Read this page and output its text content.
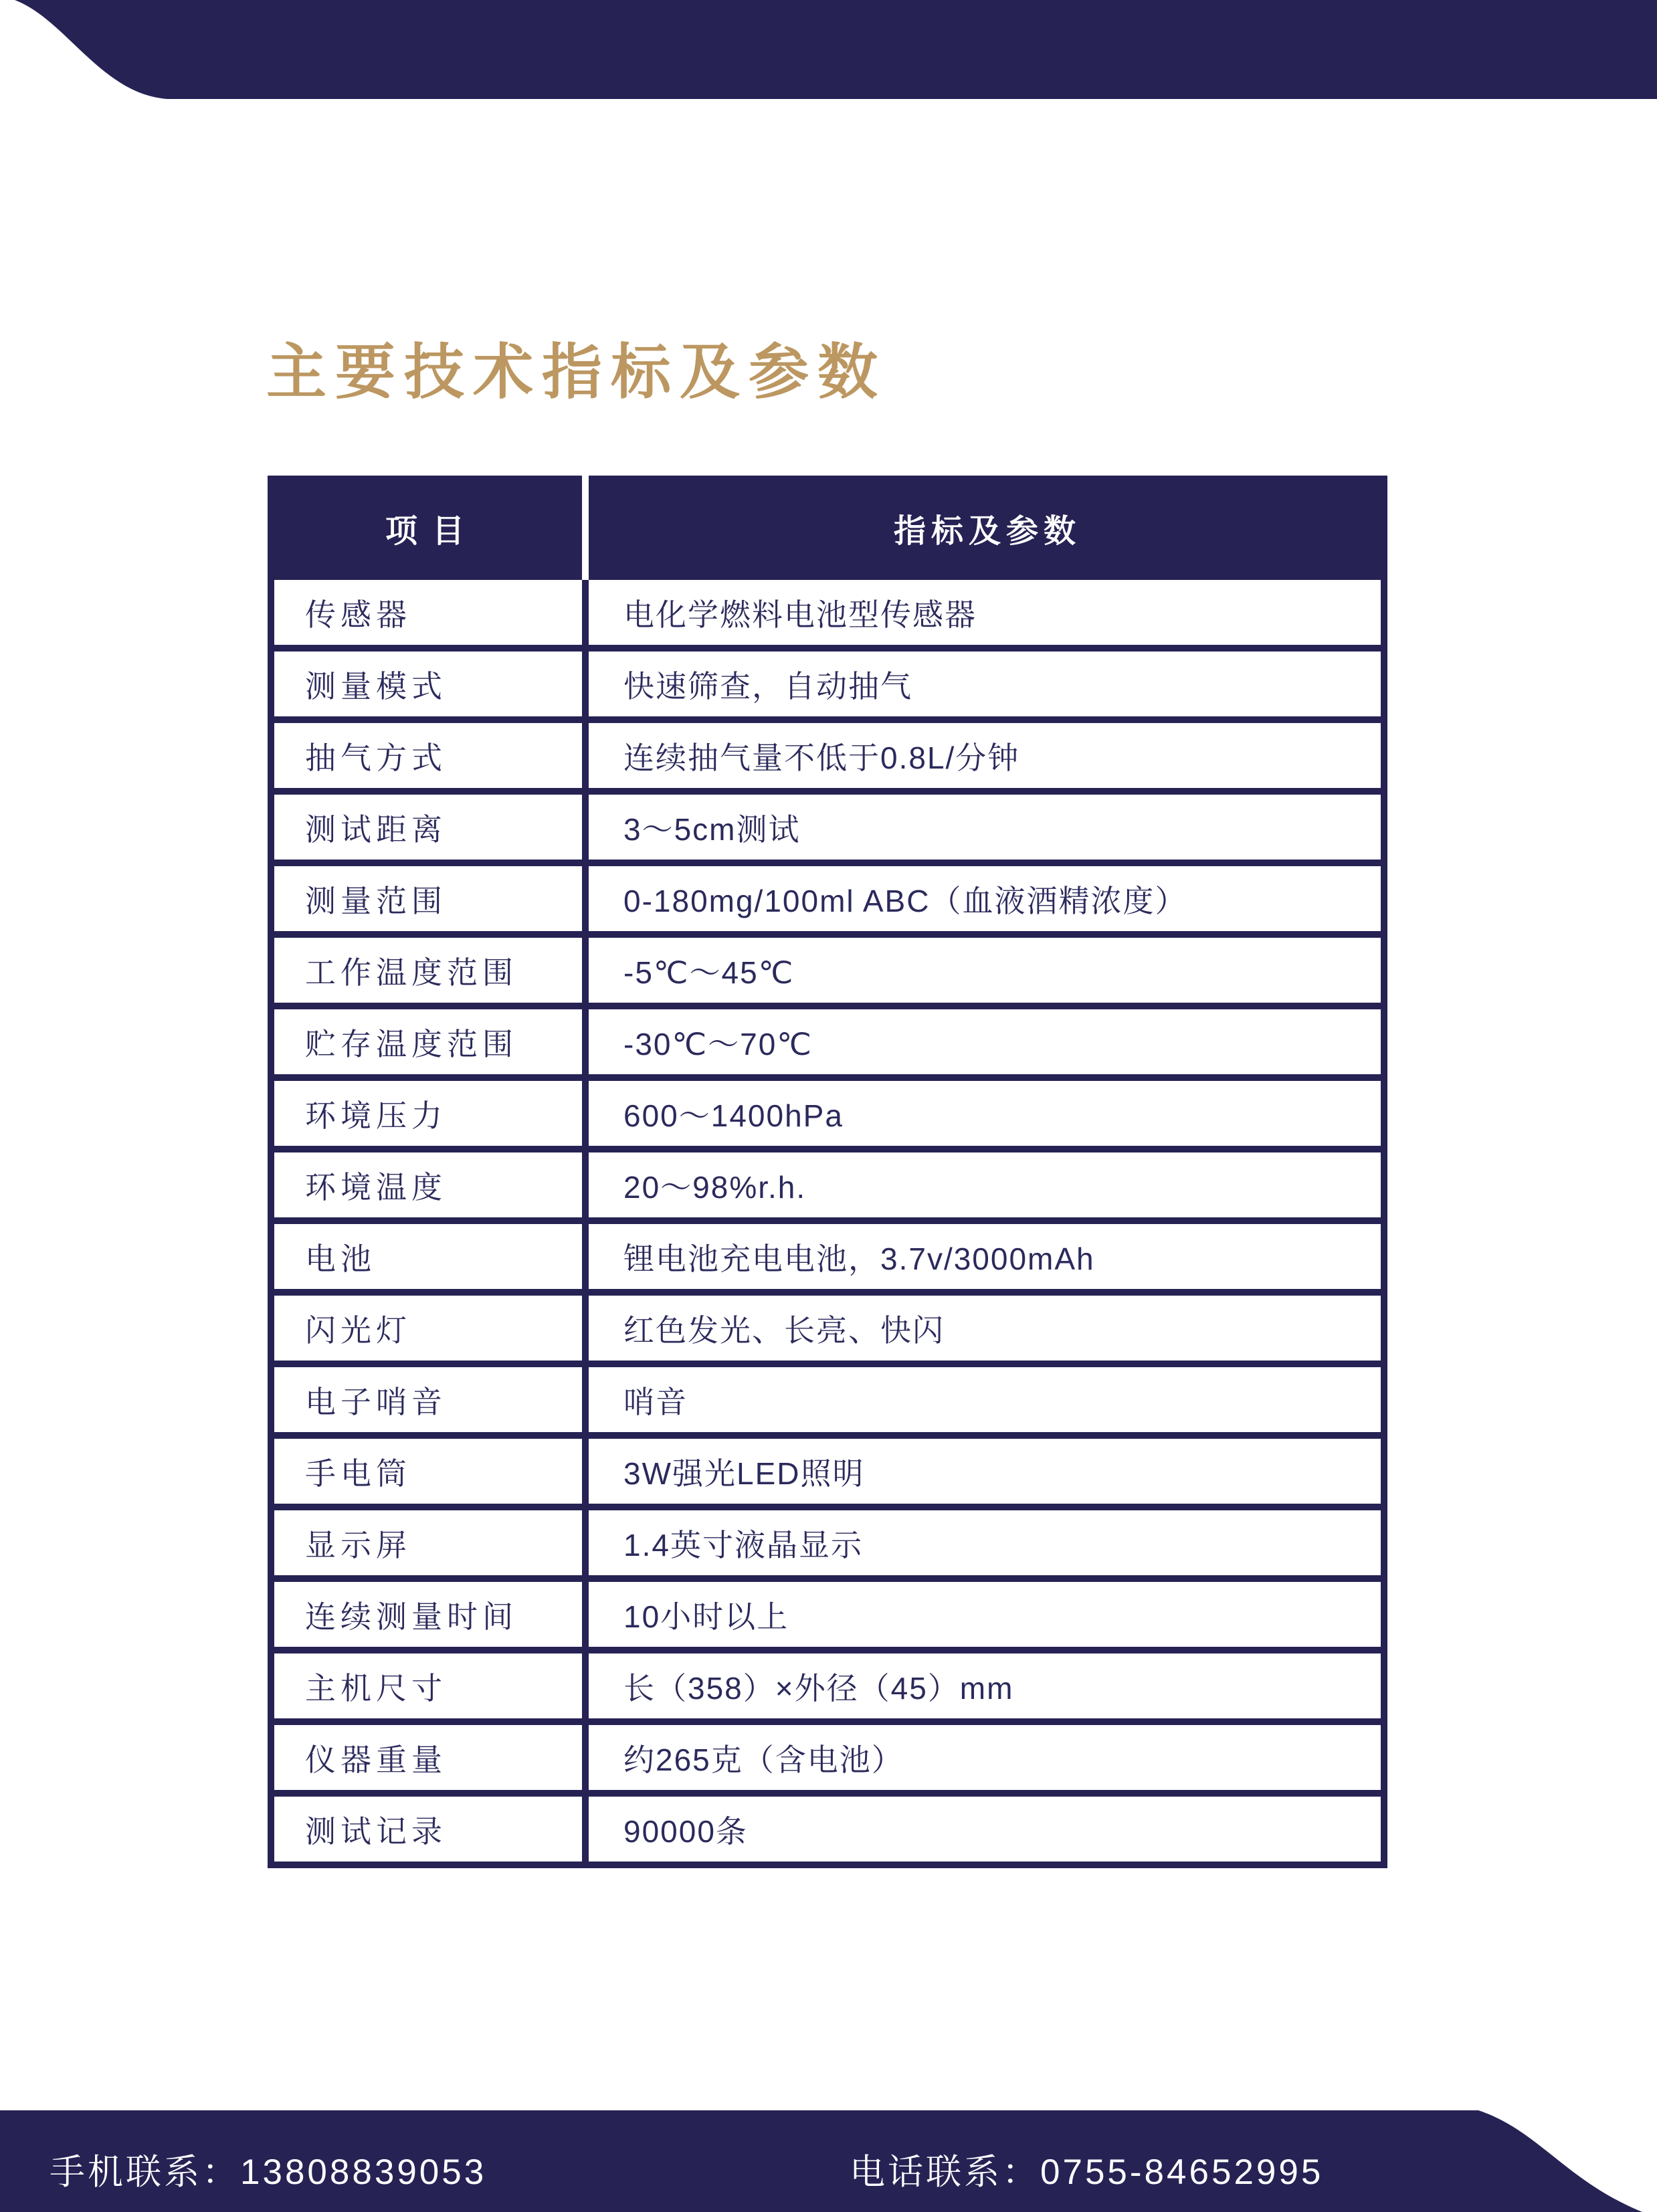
主要技术指标及参数
项目	指标及参数
传感器	电化学燃料电池型传感器
测量模式	快速筛查，自动抽气
抽气方式	连续抽气量不低于0.8L/分钟
测试距离	3～5cm测试
测量范围	0-180mg/100ml ABC（血液酒精浓度）
工作温度范围	-5℃～45℃
贮存温度范围	-30℃～70℃
环境压力	600～1400hPa
环境温度	20～98%r.h.
电池	锂电池充电电池，3.7v/3000mAh
闪光灯	红色发光、长亮、快闪
电子哨音	哨音
手电筒	3W强光LED照明
显示屏	1.4英寸液晶显示
连续测量时间	10小时以上
主机尺寸	长（358）×外径（45）mm
仪器重量	约265克（含电池）
测试记录	90000条
手机联系：13808839053	电话联系：0755-84652995
